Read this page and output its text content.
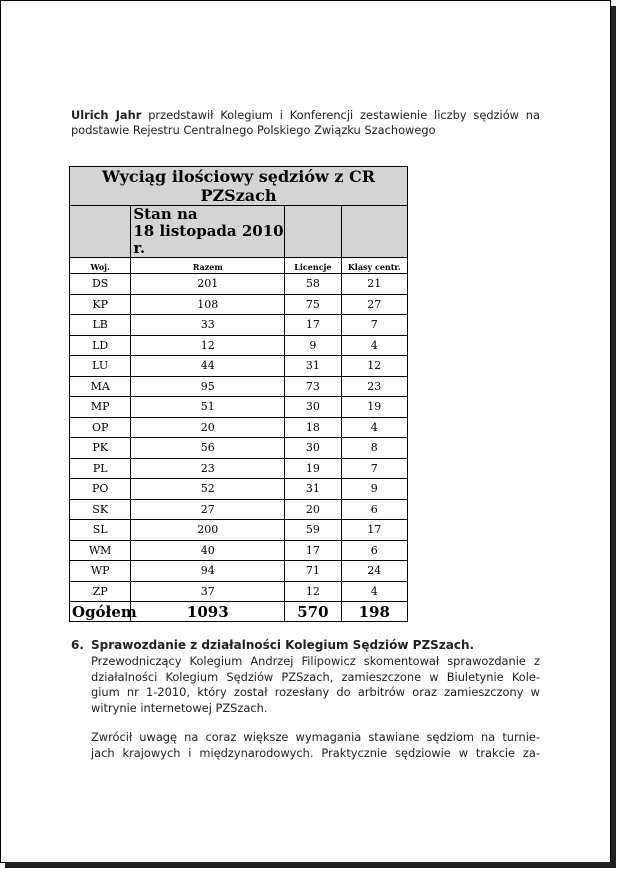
Ulrich Jahr przedstawił Kolegium i Konferencji zestawienie liczby sędziów na
podstawie Rejestru Centralnego Polskiego Związku Szachowego
Wyciąg ilościowy sędziów z CR PZSzach			
	Stan na
18 listopada 2010 r.		
Woj.	Razem	Licencje	Klasy centr.
DS	201	58	21
KP	108	75	27
LB	33	17	7
LD	12	9	4
LU	44	31	12
MA	95	73	23
MP	51	30	19
OP	20	18	4
PK	56	30	8
PL	23	19	7
PO	52	31	9
SK	27	20	6
SL	200	59	17
WM	40	17	6
WP	94	71	24
ZP	37	12	4
Ogółem	1093	570	198
6. Sprawozdanie z działalności Kolegium Sędziów PZSzach.
Przewodniczący Kolegium Andrzej Filipowicz skomentował sprawozdanie z
działalności Kolegium Sędziów PZSzach, zamieszczone w Biuletynie Kole-
gium nr 1-2010, który został rozesłany do arbitrów oraz zamieszczony w
witrynie internetowej PZSzach.
Zwrócił uwagę na coraz większe wymagania stawiane sędziom na turnie-
jach krajowych i międzynarodowych. Praktycznie sędziowie w trakcie za-
